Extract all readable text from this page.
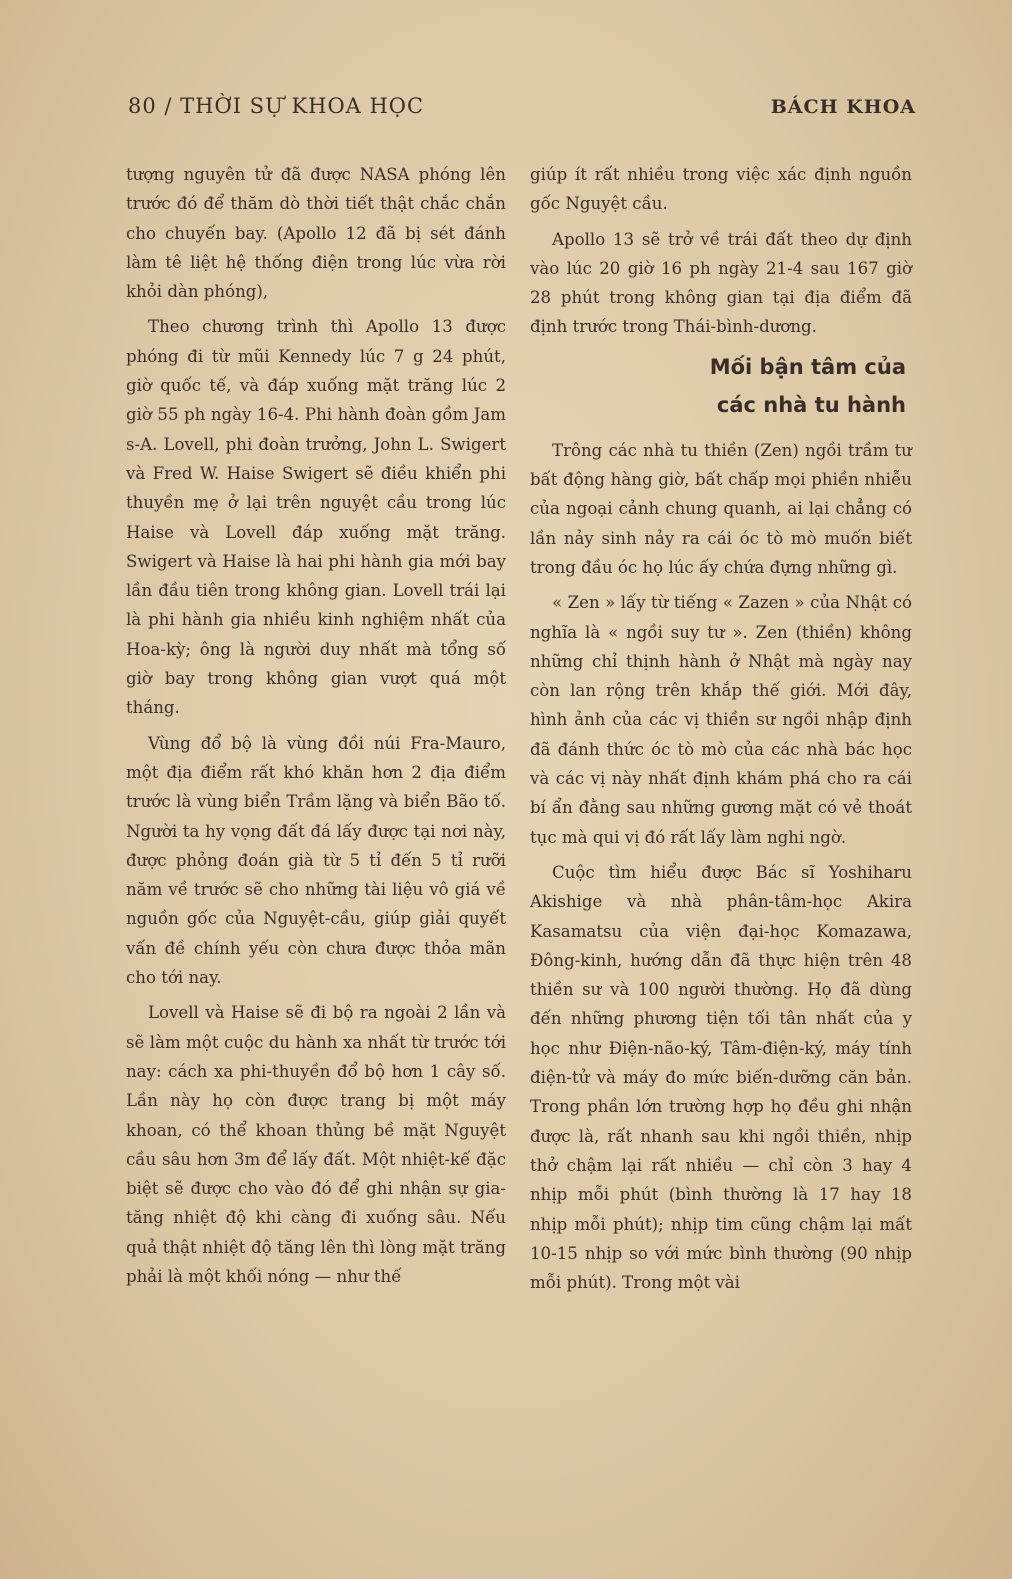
80 / THỜI SỰ KHOA HỌC	BÁCH KHOA

tượng nguyên tử đã được NASA phóng lên trước đó để thăm dò thời tiết thật chắc chắn cho chuyến bay. (Apollo 12 đã bị sét đánh làm tê liệt hệ thống điện trong lúc vừa rời khỏi dàn phóng),

Theo chương trình thì Apollo 13 được phóng đi từ mũi Kennedy lúc 7 g 24 phút, giờ quốc tế, và đáp xuống mặt trăng lúc 2 giờ 55 ph ngày 16-4. Phi hành đoàn gồm Jam s-A. Lovell, phi đoàn trưởng, John L. Swigert và Fred W. Haise Swigert sẽ điều khiển phi thuyền mẹ ở lại trên nguyệt cầu trong lúc Haise và Lovell đáp xuống mặt trăng. Swigert và Haise là hai phi hành gia mới bay lần đầu tiên trong không gian. Lovell trái lại là phi hành gia nhiều kinh nghiệm nhất của Hoa-kỳ; ông là người duy nhất mà tổng số giờ bay trong không gian vượt quá một tháng.

Vùng đổ bộ là vùng đồi núi Fra-Mauro, một địa điểm rất khó khăn hơn 2 địa điểm trước là vùng biển Trầm lặng và biển Bão tố. Người ta hy vọng đất đá lấy được tại nơi này, được phỏng đoán già từ 5 tỉ đến 5 tỉ rưỡi năm về trước sẽ cho những tài liệu vô giá về nguồn gốc của Nguyệt-cầu, giúp giải quyết vấn đề chính yếu còn chưa được thỏa mãn cho tới nay.

Lovell và Haise sẽ đi bộ ra ngoài 2 lần và sẽ làm một cuộc du hành xa nhất từ trước tới nay: cách xa phi-thuyền đổ bộ hơn 1 cây số. Lần này họ còn được trang bị một máy khoan, có thể khoan thủng bề mặt Nguyệt cầu sâu hơn 3m để lấy đất. Một nhiệt-kế đặc biệt sẽ được cho vào đó để ghi nhận sự gia-tăng nhiệt độ khi càng đi xuống sâu. Nếu quả thật nhiệt độ tăng lên thì lòng mặt trăng phải là một khối nóng — như thế

giúp ít rất nhiều trong việc xác định nguồn gốc Nguyệt cầu.

Apollo 13 sẽ trở về trái đất theo dự định vào lúc 20 giờ 16 ph ngày 21-4 sau 167 giờ 28 phút trong không gian tại địa điểm đã định trước trong Thái-bình-dương.

Mối bận tâm của
các nhà tu hành

Trông các nhà tu thiền (Zen) ngồi trầm tư bất động hàng giờ, bất chấp mọi phiền nhiễu của ngoại cảnh chung quanh, ai lại chẳng có lần nảy sinh nảy ra cái óc tò mò muốn biết trong đầu óc họ lúc ấy chứa đựng những gì.

« Zen » lấy từ tiếng « Zazen » của Nhật có nghĩa là « ngồi suy tư ». Zen (thiền) không những chỉ thịnh hành ở Nhật mà ngày nay còn lan rộng trên khắp thế giới. Mới đây, hình ảnh của các vị thiền sư ngồi nhập định đã đánh thức óc tò mò của các nhà bác học và các vị này nhất định khám phá cho ra cái bí ẩn đằng sau những gương mặt có vẻ thoát tục mà qui vị đó rất lấy làm nghi ngờ.

Cuộc tìm hiểu được Bác sĩ Yoshiharu Akishige và nhà phân-tâm-học Akira Kasamatsu của viện đại-học Komazawa, Đông-kinh, hướng dẫn đã thực hiện trên 48 thiền sư và 100 người thường. Họ đã dùng đến những phương tiện tối tân nhất của y học như Điện-não-ký, Tâm-điện-ký, máy tính điện-tử và máy đo mức biến-dưỡng căn bản. Trong phần lớn trường hợp họ đều ghi nhận được là, rất nhanh sau khi ngồi thiền, nhịp thở chậm lại rất nhiều — chỉ còn 3 hay 4 nhịp mỗi phút (bình thường là 17 hay 18 nhịp mỗi phút); nhịp tim cũng chậm lại mất 10-15 nhịp so với mức bình thường (90 nhịp mỗi phút). Trong một vài
